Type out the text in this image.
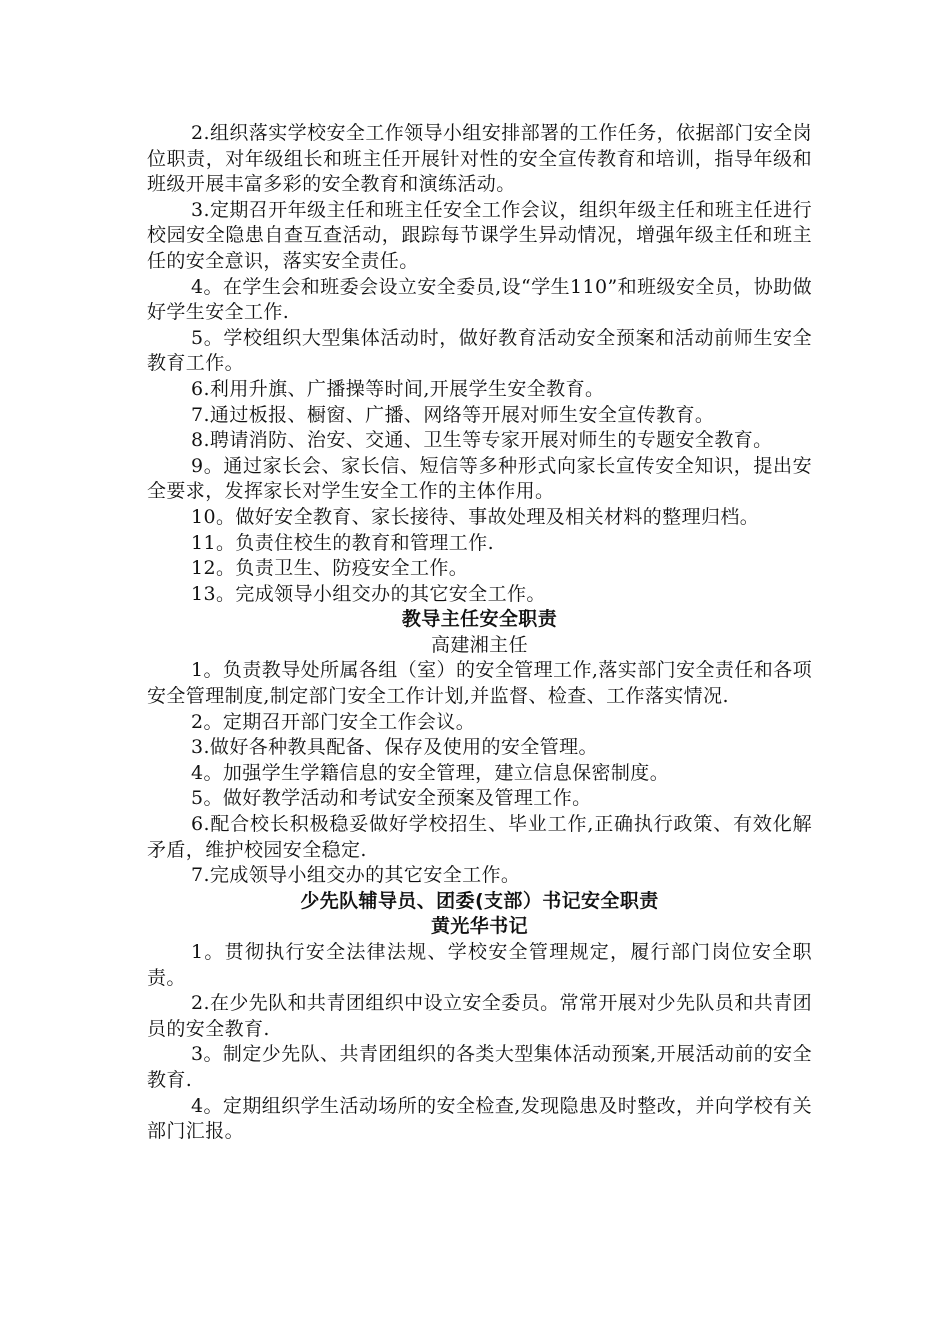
2.组织落实学校安全工作领导小组安排部署的工作任务，依据部门安全岗位职责，对年级组长和班主任开展针对性的安全宣传教育和培训，指导年级和班级开展丰富多彩的安全教育和演练活动。

3.定期召开年级主任和班主任安全工作会议，组织年级主任和班主任进行校园安全隐患自查互查活动，跟踪每节课学生异动情况，增强年级主任和班主任的安全意识，落实安全责任。

4。在学生会和班委会设立安全委员,设“学生110”和班级安全员，协助做好学生安全工作.

5。学校组织大型集体活动时，做好教育活动安全预案和活动前师生安全教育工作。

6.利用升旗、广播操等时间,开展学生安全教育。

7.通过板报、橱窗、广播、网络等开展对师生安全宣传教育。

8.聘请消防、治安、交通、卫生等专家开展对师生的专题安全教育。

9。通过家长会、家长信、短信等多种形式向家长宣传安全知识，提出安全要求，发挥家长对学生安全工作的主体作用。

10。做好安全教育、家长接待、事故处理及相关材料的整理归档。

11。负责住校生的教育和管理工作.

12。负责卫生、防疫安全工作。

13。完成领导小组交办的其它安全工作。

教导主任安全职责

高建湘主任

1。负责教导处所属各组（室）的安全管理工作,落实部门安全责任和各项安全管理制度,制定部门安全工作计划,并监督、检查、工作落实情况.

2。定期召开部门安全工作会议。

3.做好各种教具配备、保存及使用的安全管理。

4。加强学生学籍信息的安全管理，建立信息保密制度。

5。做好教学活动和考试安全预案及管理工作。

6.配合校长积极稳妥做好学校招生、毕业工作,正确执行政策、有效化解矛盾，维护校园安全稳定.

7.完成领导小组交办的其它安全工作。

少先队辅导员、团委(支部）书记安全职责

黄光华书记

1。贯彻执行安全法律法规、学校安全管理规定，履行部门岗位安全职责。

2.在少先队和共青团组织中设立安全委员。常常开展对少先队员和共青团员的安全教育.

3。制定少先队、共青团组织的各类大型集体活动预案,开展活动前的安全教育.

4。定期组织学生活动场所的安全检查,发现隐患及时整改，并向学校有关部门汇报。
